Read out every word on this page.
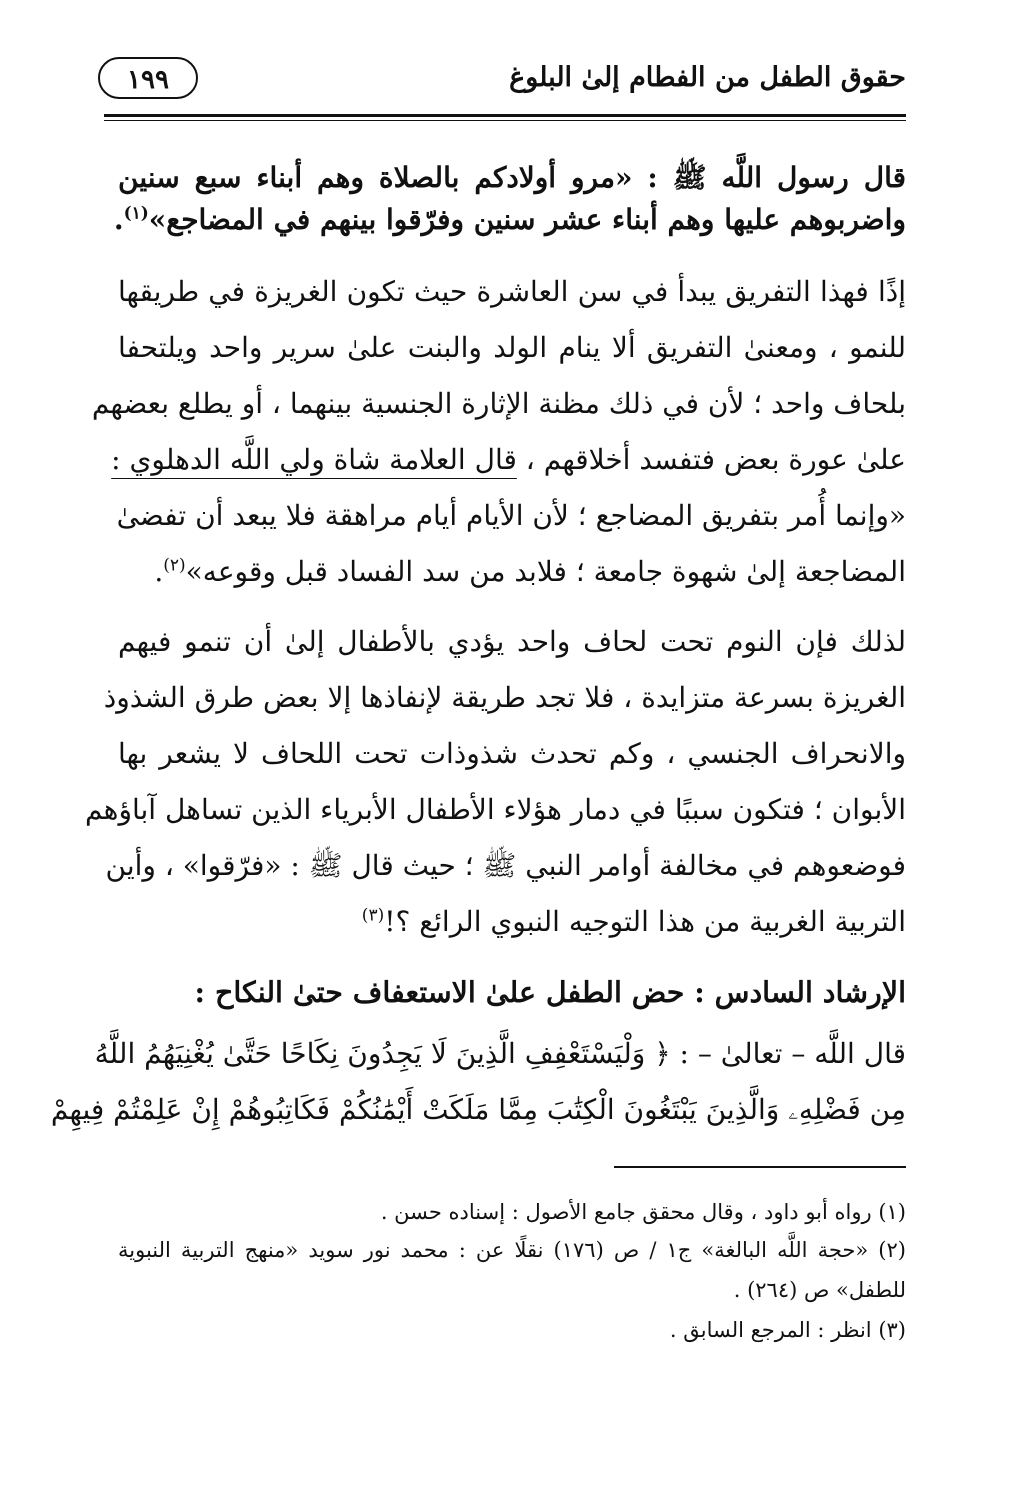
حقوق الطفل من الفطام إلىٰ البلوغ
١٩٩
قال رسول اللَّه ﷺ : «مرو أولادكم بالصلاة وهم أبناء سبع سنين
واضربوهم عليها وهم أبناء عشر سنين وفرّقوا بينهم في المضاجع»$^{(١)}$.
إذًا فهذا التفريق يبدأ في سن العاشرة حيث تكون الغريزة في طريقها
للنمو ، ومعنىٰ التفريق ألا ينام الولد والبنت علىٰ سرير واحد ويلتحفا
بلحاف واحد ؛ لأن في ذلك مظنة الإثارة الجنسية بينهما ، أو يطلع بعضهم
علىٰ عورة بعض فتفسد أخلاقهم ، قال العلامة شاة ولي اللَّه الدهلوي :
«وإنما أُمر بتفريق المضاجع ؛ لأن الأيام أيام مراهقة فلا يبعد أن تفضىٰ
المضاجعة إلىٰ شهوة جامعة ؛ فلابد من سد الفساد قبل وقوعه»$^{(٢)}$.
لذلك فإن النوم تحت لحاف واحد يؤدي بالأطفال إلىٰ أن تنمو فيهم
الغريزة بسرعة متزايدة ، فلا تجد طريقة لإنفاذها إلا بعض طرق الشذوذ
والانحراف الجنسي ، وكم تحدث شذوذات تحت اللحاف لا يشعر بها
الأبوان ؛ فتكون سببًا في دمار هؤلاء الأطفال الأبرياء الذين تساهل آباؤهم
فوضعوهم في مخالفة أوامر النبي ﷺ ؛ حيث قال ﷺ : «فرّقوا» ، وأين
التربية الغربية من هذا التوجيه النبوي الرائع ؟!$^{(٣)}$
الإرشاد السادس : حض الطفل علىٰ الاستعفاف حتىٰ النكاح :
قال اللَّه – تعالىٰ – : ﴿ وَلْيَسْتَعْفِفِ الَّذِينَ لَا يَجِدُونَ نِكَاحًا حَتَّىٰ يُغْنِيَهُمُ اللَّهُ
مِن فَضْلِهِۦ وَالَّذِينَ يَبْتَغُونَ الْكِتَٰبَ مِمَّا مَلَكَتْ أَيْمَٰنُكُمْ فَكَاتِبُوهُمْ إِنْ عَلِمْتُمْ فِيهِمْ
(١) رواه أبو داود ، وقال محقق جامع الأصول : إسناده حسن .
(٢) «حجة اللَّه البالغة» ج١ / ص (١٧٦) نقلًا عن : محمد نور سويد «منهج التربية النبوية
للطفل» ص (٢٦٤) .
(٣) انظر : المرجع السابق .
